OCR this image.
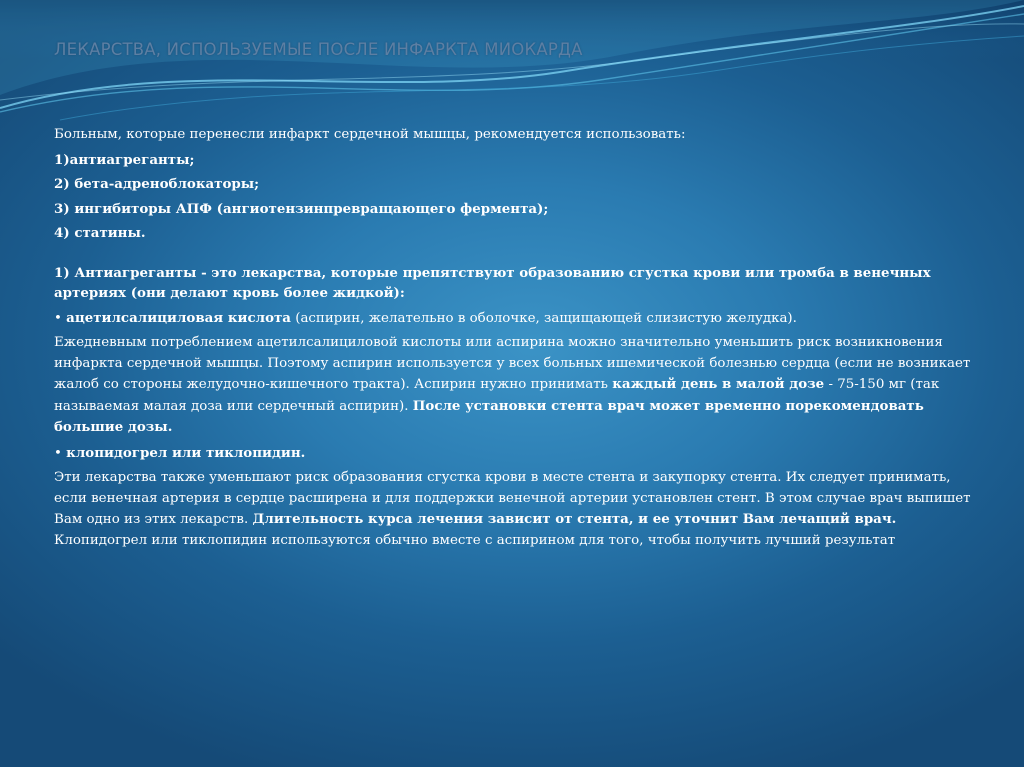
ЛЕКАРСТВА, ИСПОЛЬЗУЕМЫЕ ПОСЛЕ ИНФАРКТА МИОКАРДА

Больным, которые перенесли инфаркт сердечной мышцы, рекомендуется использовать:

1)антиагреганты;

2) бета-адреноблокаторы;

3) ингибиторы АПФ (ангиотензинпревращающего фермента);

4) статины.

1) Антиагреганты - это лекарства, которые препятствуют образованию сгустка крови или тромба в венечных артериях (они делают кровь более жидкой):

• ацетилсалициловая кислота (аспирин, желательно в оболочке, защищающей слизистую желудка).

Ежедневным потреблением ацетилсалициловой кислоты или аспирина можно значительно уменьшить риск возникновения инфаркта сердечной мышцы. Поэтому аспирин используется у всех больных ишемической болезнью сердца (если не возникает жалоб со стороны желудочно-кишечного тракта). Аспирин нужно принимать каждый день в малой дозе - 75-150 мг (так называемая малая доза или сердечный аспирин). После установки стента врач может временно порекомендовать большие дозы.

• клопидогрел или тиклопидин.

Эти лекарства также уменьшают риск образования сгустка крови в месте стента и закупорку стента. Их следует принимать, если венечная артерия в сердце расширена и для поддержки венечной артерии установлен стент. В этом случае врач выпишет Вам одно из этих лекарств. Длительность курса лечения зависит от стента, и ее уточнит Вам лечащий врач. Клопидогрел или тиклопидин используются обычно вместе с аспирином для того, чтобы получить лучший результат
